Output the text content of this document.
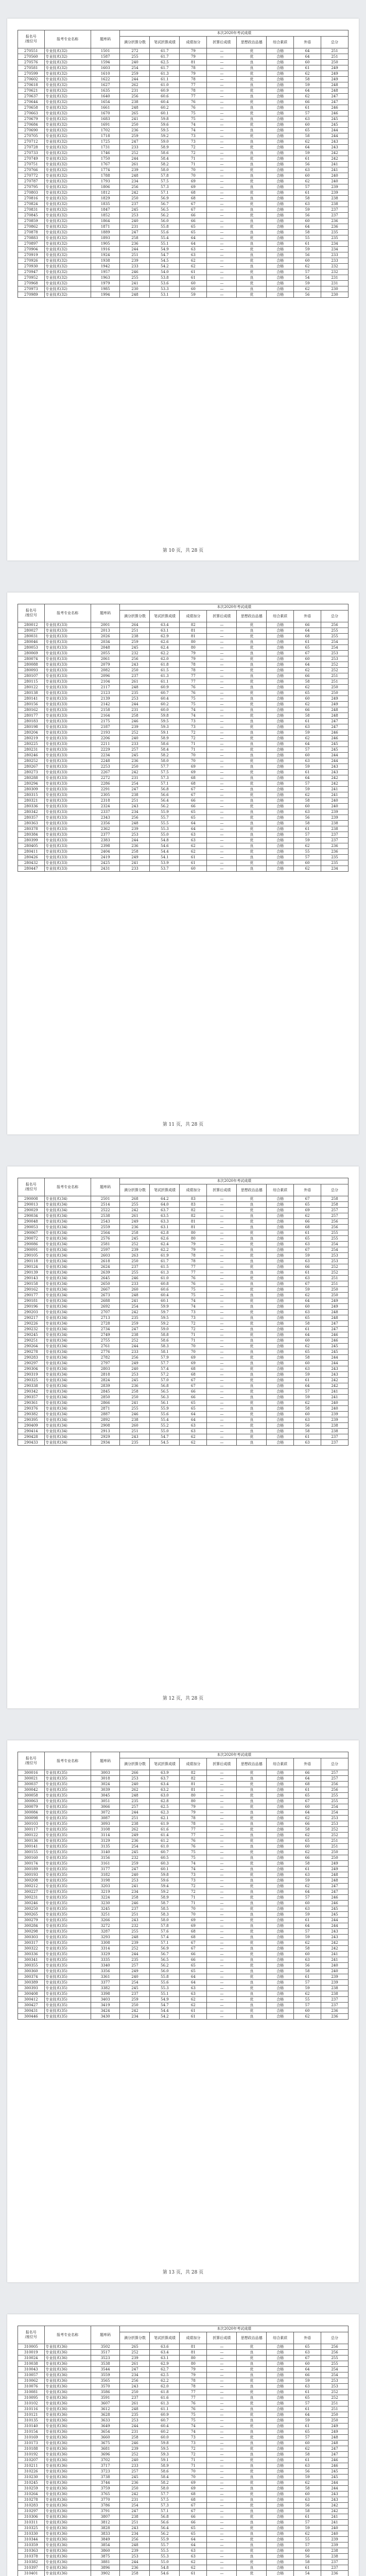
报名号
/座位号	报考专业名称	题库码	本次2020年考试成绩							
			满分折算分数	笔试折算成绩	成绩加分	折算后成绩	思想政治品德	综合素质	外语	总分
270551	专业技术(32)	1501	272	61.7	79	—	优	合格	64	251
270560	专业技术(32)	1587	255	61.7	79	—	优	合格	64	251
270576	专业技术(32)	1594	240	62.5	81	—	良	合格	60	250
270581	专业技术(32)	1603	254	61.7	78	—	良	合格	61	249
270599	专业技术(32)	1610	259	61.3	79	—	优	合格	62	249
270602	专业技术(32)	1622	244	61.1	78	—	优	合格	58	249
270618	专业技术(32)	1627	262	61.0	77	—	良	合格	59	248
270621	专业技术(32)	1635	231	60.9	78	—	优	合格	64	248
270637	专业技术(32)	1640	256	60.6	77	—	良	合格	62	247
270644	专业技术(32)	1654	238	60.4	76	—	优	合格	66	247
270658	专业技术(32)	1661	248	60.2	76	—	良	合格	61	246
270663	专业技术(32)	1670	265	60.1	75	—	优	合格	57	246
270679	专业技术(32)	1683	241	59.8	75	—	良	合格	63	245
270684	专业技术(32)	1691	250	59.6	74	—	优	合格	60	245
270690	专业技术(32)	1702	236	59.5	74	—	良	合格	65	244
270705	专业技术(32)	1718	259	59.2	73	—	优	合格	58	244
270712	专业技术(32)	1725	247	59.0	73	—	良	合格	62	243
270728	专业技术(32)	1731	233	58.9	72	—	优	合格	64	243
270733	专业技术(32)	1746	252	58.6	72	—	良	合格	59	242
270749	专业技术(32)	1750	244	58.4	71	—	优	合格	61	242
270751	专业技术(32)	1767	261	58.2	71	—	良	合格	56	241
270766	专业技术(32)	1774	239	58.0	70	—	优	合格	63	241
270772	专业技术(32)	1788	248	57.8	70	—	良	合格	60	240
270787	专业技术(32)	1793	234	57.5	69	—	优	合格	62	240
270795	专业技术(32)	1806	256	57.3	69	—	良	合格	57	239
270803	专业技术(32)	1812	242	57.1	68	—	优	合格	61	239
270816	专业技术(32)	1829	250	56.9	68	—	良	合格	58	238
270824	专业技术(32)	1835	237	56.7	67	—	优	合格	63	238
270831	专业技术(32)	1847	245	56.5	67	—	良	合格	59	237
270845	专业技术(32)	1852	253	56.2	66	—	优	合格	56	237
270859	专业技术(32)	1864	240	56.0	66	—	良	合格	60	236
270862	专业技术(32)	1871	231	55.8	65	—	优	合格	64	236
270878	专业技术(32)	1889	247	55.6	65	—	良	合格	58	235
270883	专业技术(32)	1893	258	55.4	64	—	优	合格	55	235
270897	专业技术(32)	1905	236	55.1	64	—	良	合格	61	234
270904	专业技术(32)	1916	244	54.9	63	—	优	合格	59	234
270919	专业技术(32)	1924	251	54.7	63	—	良	合格	56	233
270926	专业技术(32)	1938	239	54.5	62	—	优	合格	60	233
270930	专业技术(32)	1942	233	54.2	62	—	良	合格	62	232
270947	专业技术(32)	1957	246	54.0	61	—	优	合格	57	232
270952	专业技术(32)	1963	255	53.8	61	—	良	合格	54	231
270968	专业技术(32)	1979	241	53.6	60	—	优	合格	59	231
270973	专业技术(32)	1985	230	53.3	60	—	良	合格	62	230
270989	专业技术(32)	1994	248	53.1	59	—	优	合格	56	230
第 10 页，共 28 页
报名号
/座位号	报考专业名称	题库码	本次2020年考试成绩							
			满分折算分数	笔试折算成绩	成绩加分	折算后成绩	思想政治品德	综合素质	外语	总分
280012	专业技术(33)	2001	264	63.4	82	—	优	合格	66	256
280027	专业技术(33)	2013	251	63.1	81	—	良	合格	64	255
280031	专业技术(33)	2026	238	62.9	81	—	优	合格	68	255
280046	专业技术(33)	2034	259	62.6	80	—	良	合格	61	254
280053	专业技术(33)	2048	245	62.4	80	—	优	合格	65	254
280069	专业技术(33)	2055	232	62.2	79	—	良	合格	67	253
280074	专业技术(33)	2061	256	62.0	79	—	优	合格	60	253
280088	专业技术(33)	2079	243	61.8	78	—	良	合格	64	252
280093	专业技术(33)	2082	250	61.5	78	—	优	合格	62	252
280107	专业技术(33)	2096	237	61.3	77	—	良	合格	66	251
280115	专业技术(33)	2104	261	61.1	77	—	优	合格	58	251
280122	专业技术(33)	2117	248	60.9	76	—	良	合格	62	250
280138	专业技术(33)	2123	235	60.7	76	—	优	合格	65	250
280141	专业技术(33)	2139	253	60.4	75	—	良	合格	60	249
280156	专业技术(33)	2142	244	60.2	75	—	优	合格	62	249
280162	专业技术(33)	2158	231	60.0	74	—	良	合格	66	248
280177	专业技术(33)	2164	258	59.8	74	—	优	合格	58	248
280183	专业技术(33)	2175	246	59.5	73	—	良	合格	61	247
280198	专业技术(33)	2187	239	59.3	73	—	优	合格	63	247
280204	专业技术(33)	2193	252	59.1	72	—	良	合格	59	246
280219	专业技术(33)	2206	240	58.9	72	—	优	合格	62	246
280225	专业技术(33)	2211	233	58.6	71	—	良	合格	64	245
280231	专业技术(33)	2229	257	58.4	71	—	优	合格	57	245
280246	专业技术(33)	2234	245	58.2	70	—	良	合格	60	244
280252	专业技术(33)	2248	236	58.0	70	—	优	合格	63	244
280267	专业技术(33)	2253	250	57.7	69	—	良	合格	59	243
280273	专业技术(33)	2267	242	57.5	69	—	优	合格	61	243
280288	专业技术(33)	2272	231	57.3	68	—	良	合格	64	242
280294	专业技术(33)	2286	254	57.1	68	—	优	合格	57	242
280309	专业技术(33)	2291	247	56.8	67	—	良	合格	59	241
280315	专业技术(33)	2305	238	56.6	67	—	优	合格	62	241
280321	专业技术(33)	2318	251	56.4	66	—	良	合格	58	240
280336	专业技术(33)	2324	243	56.2	66	—	优	合格	60	240
280342	专业技术(33)	2337	234	55.9	65	—	良	合格	63	239
280357	专业技术(33)	2343	256	55.7	65	—	优	合格	56	239
280363	专业技术(33)	2356	248	55.5	64	—	良	合格	58	238
280378	专业技术(33)	2362	239	55.3	64	—	优	合格	61	238
280384	专业技术(33)	2377	253	55.0	63	—	良	合格	57	237
280399	专业技术(33)	2383	244	54.8	63	—	优	合格	59	237
280405	专业技术(33)	2398	236	54.6	62	—	良	合格	62	236
280411	专业技术(33)	2404	258	54.4	62	—	优	合格	55	236
280426	专业技术(33)	2419	249	54.1	61	—	良	合格	57	235
280432	专业技术(33)	2425	241	53.9	61	—	优	合格	60	235
280447	专业技术(33)	2431	233	53.7	60	—	良	合格	62	234
第 11 页，共 28 页
报名号
/座位号	报考专业名称	题库码	本次2020年考试成绩							
			满分折算分数	笔试折算成绩	成绩加分	折算后成绩	思想政治品德	综合素质	外语	总分
290008	专业技术(34)	2501	268	64.2	83	—	优	合格	67	258
290013	专业技术(34)	2514	255	64.0	83	—	良	合格	65	258
290029	专业技术(34)	2522	242	63.7	82	—	优	合格	69	257
290034	专业技术(34)	2538	261	63.5	82	—	良	合格	62	257
290048	专业技术(34)	2543	249	63.3	81	—	优	合格	66	256
290053	专业技术(34)	2559	236	63.1	81	—	良	合格	68	256
290067	专业技术(34)	2564	258	62.8	80	—	优	合格	61	255
290072	专业技术(34)	2576	245	62.6	80	—	良	合格	65	255
290086	专业技术(34)	2581	252	62.4	79	—	优	合格	63	254
290091	专业技术(34)	2597	239	62.2	79	—	良	合格	67	254
290105	专业技术(34)	2603	263	61.9	78	—	优	合格	59	253
290118	专业技术(34)	2618	250	61.7	78	—	良	合格	63	253
290124	专业技术(34)	2624	237	61.5	77	—	优	合格	66	252
290139	专业技术(34)	2639	255	61.3	77	—	良	合格	61	252
290143	专业技术(34)	2645	246	61.0	76	—	优	合格	63	251
290158	专业技术(34)	2650	233	60.8	76	—	良	合格	67	251
290162	专业技术(34)	2667	260	60.6	75	—	优	合格	59	250
290177	专业技术(34)	2673	248	60.4	75	—	良	合格	62	250
290181	专业技术(34)	2688	241	60.1	74	—	优	合格	64	249
290196	专业技术(34)	2692	254	59.9	74	—	良	合格	60	249
290203	专业技术(34)	2707	242	59.7	73	—	优	合格	63	248
290217	专业技术(34)	2713	235	59.5	73	—	良	合格	65	248
290226	专业技术(34)	2728	259	59.2	72	—	优	合格	58	247
290232	专业技术(34)	2734	247	59.0	72	—	良	合格	61	247
290245	专业技术(34)	2749	238	58.8	71	—	优	合格	64	246
290251	专业技术(34)	2755	252	58.6	71	—	良	合格	60	246
290264	专业技术(34)	2761	244	58.3	70	—	优	合格	62	245
290278	专业技术(34)	2776	233	58.1	70	—	良	合格	65	245
290283	专业技术(34)	2782	256	57.9	69	—	优	合格	58	244
290297	专业技术(34)	2797	249	57.7	69	—	良	合格	60	244
290304	专业技术(34)	2803	240	57.4	68	—	优	合格	63	243
290319	专业技术(34)	2818	253	57.2	68	—	良	合格	59	243
290325	专业技术(34)	2824	245	57.0	67	—	优	合格	61	242
290338	专业技术(34)	2839	236	56.8	67	—	良	合格	64	242
290342	专业技术(34)	2845	258	56.5	66	—	优	合格	57	241
290357	专业技术(34)	2850	250	56.3	66	—	良	合格	59	241
290361	专业技术(34)	2866	241	56.1	65	—	优	合格	62	240
290376	专业技术(34)	2871	255	55.9	65	—	良	合格	58	240
290382	专业技术(34)	2887	246	55.6	64	—	优	合格	60	239
290395	专业技术(34)	2892	238	55.4	64	—	良	合格	63	239
290409	专业技术(34)	2908	260	55.2	63	—	优	合格	56	238
290414	专业技术(34)	2913	251	55.0	63	—	良	合格	58	238
290428	专业技术(34)	2929	243	54.7	62	—	优	合格	61	237
290433	专业技术(34)	2934	235	54.5	62	—	良	合格	63	237
第 12 页，共 28 页
报名号
/座位号	报考专业名称	题库码	本次2020年考试成绩							
			满分折算分数	笔试折算成绩	成绩加分	折算后成绩	思想政治品德	综合素质	外语	总分
300016	专业技术(35)	3003	266	63.9	82	—	优	合格	66	257
300021	专业技术(35)	3018	253	63.7	82	—	良	合格	64	257
300037	专业技术(35)	3024	240	63.4	81	—	优	合格	68	256
300042	专业技术(35)	3039	262	63.2	81	—	良	合格	61	256
300058	专业技术(35)	3045	248	63.0	80	—	优	合格	65	255
300063	专业技术(35)	3051	235	62.8	80	—	良	合格	67	255
300079	专业技术(35)	3066	257	62.5	79	—	优	合格	60	254
300084	专业技术(35)	3072	244	62.3	79	—	良	合格	64	254
300098	专业技术(35)	3087	251	62.1	78	—	优	合格	62	253
300103	专业技术(35)	3093	238	61.9	78	—	良	合格	66	253
300117	专业技术(35)	3108	262	61.6	77	—	优	合格	58	252
300122	专业技术(35)	3114	249	61.4	77	—	良	合格	62	252
300136	专业技术(35)	3129	236	61.2	76	—	优	合格	65	251
300141	专业技术(35)	3135	254	61.0	76	—	良	合格	60	251
300155	专业技术(35)	3140	245	60.7	75	—	优	合格	62	250
300160	专业技术(35)	3156	232	60.5	75	—	良	合格	66	250
300174	专业技术(35)	3161	259	60.3	74	—	优	合格	58	249
300189	专业技术(35)	3177	247	60.1	74	—	良	合格	61	249
300193	专业技术(35)	3182	240	59.8	73	—	优	合格	63	248
300208	专业技术(35)	3198	253	59.6	73	—	良	合格	59	248
300212	专业技术(35)	3203	241	59.4	72	—	优	合格	62	247
300227	专业技术(35)	3219	234	59.2	72	—	良	合格	64	247
300231	专业技术(35)	3224	258	58.9	71	—	优	合格	57	246
300246	专业技术(35)	3230	246	58.7	71	—	良	合格	60	246
300250	专业技术(35)	3245	237	58.5	70	—	优	合格	63	245
300265	专业技术(35)	3251	251	58.3	70	—	良	合格	59	245
300279	专业技术(35)	3266	243	58.0	69	—	优	合格	61	244
300284	专业技术(35)	3272	232	57.8	69	—	良	合格	64	244
300298	专业技术(35)	3287	255	57.6	68	—	优	合格	57	243
300303	专业技术(35)	3293	248	57.4	68	—	良	合格	59	243
300317	专业技术(35)	3308	239	57.1	67	—	优	合格	62	242
300322	专业技术(35)	3314	252	56.9	67	—	良	合格	58	242
300336	专业技术(35)	3329	244	56.7	66	—	优	合格	60	241
300341	专业技术(35)	3335	235	56.5	66	—	良	合格	63	241
300355	专业技术(35)	3340	257	56.2	65	—	优	合格	56	240
300360	专业技术(35)	3356	249	56.0	65	—	良	合格	58	240
300374	专业技术(35)	3361	240	55.8	64	—	优	合格	61	239
300389	专业技术(35)	3377	254	55.6	64	—	良	合格	57	239
300393	专业技术(35)	3382	245	55.3	63	—	优	合格	59	238
300408	专业技术(35)	3398	237	55.1	63	—	良	合格	62	238
300412	专业技术(35)	3403	259	54.9	62	—	优	合格	55	237
300427	专业技术(35)	3419	250	54.7	62	—	良	合格	57	237
300431	专业技术(35)	3424	242	54.4	61	—	优	合格	60	236
300446	专业技术(35)	3430	234	54.2	61	—	良	合格	62	236
第 13 页，共 28 页
报名号
/座位号	报考专业名称	题库码	本次2020年考试成绩							
			满分折算分数	笔试折算成绩	成绩加分	折算后成绩	思想政治品德	综合素质	外语	总分
310005	专业技术(36)	3502	265	63.6	81	—	优	合格	65	256
310019	专业技术(36)	3517	252	63.4	81	—	良	合格	63	256
310024	专业技术(36)	3523	239	63.1	80	—	优	合格	67	255
310038	专业技术(36)	3538	261	62.9	80	—	良	合格	60	255
310043	专业技术(36)	3544	247	62.7	79	—	优	合格	64	254
310057	专业技术(36)	3559	234	62.5	79	—	良	合格	66	254
310062	专业技术(36)	3565	256	62.2	78	—	优	合格	59	253
310076	专业技术(36)	3570	243	62.0	78	—	良	合格	63	253
310081	专业技术(36)	3586	250	61.8	77	—	优	合格	61	252
310095	专业技术(36)	3591	237	61.6	77	—	良	合格	65	252
310102	专业技术(36)	3607	261	61.3	76	—	优	合格	57	251
310116	专业技术(36)	3612	248	61.1	76	—	良	合格	61	251
310121	专业技术(36)	3628	235	60.9	75	—	优	合格	64	250
310135	专业技术(36)	3633	253	60.7	75	—	良	合格	59	250
310140	专业技术(36)	3649	244	60.4	74	—	优	合格	61	249
310154	专业技术(36)	3654	231	60.2	74	—	良	合格	65	249
310169	专业技术(36)	3660	258	60.0	73	—	优	合格	57	248
310173	专业技术(36)	3675	246	59.8	73	—	良	合格	60	248
310188	专业技术(36)	3681	239	59.5	72	—	优	合格	62	247
310192	专业技术(36)	3696	252	59.3	72	—	良	合格	58	247
310207	专业技术(36)	3702	240	59.1	71	—	优	合格	61	246
310211	专业技术(36)	3717	233	58.9	71	—	良	合格	63	246
310226	专业技术(36)	3723	257	58.6	70	—	优	合格	56	245
310230	专业技术(36)	3738	245	58.4	70	—	良	合格	59	245
310245	专业技术(36)	3744	236	58.2	69	—	优	合格	62	244
310259	专业技术(36)	3759	250	58.0	69	—	良	合格	58	244
310264	专业技术(36)	3765	242	57.7	68	—	优	合格	60	243
310278	专业技术(36)	3770	231	57.5	68	—	良	合格	63	243
310283	专业技术(36)	3786	254	57.3	67	—	优	合格	56	242
310297	专业技术(36)	3791	247	57.1	67	—	良	合格	58	242
310306	专业技术(36)	3807	238	56.8	66	—	优	合格	61	241
310311	专业技术(36)	3812	251	56.6	66	—	良	合格	57	241
310325	专业技术(36)	3828	243	56.4	65	—	优	合格	59	240
310330	专业技术(36)	3833	234	56.2	65	—	良	合格	62	240
310344	专业技术(36)	3849	256	55.9	64	—	优	合格	55	239
310359	专业技术(36)	3854	248	55.7	64	—	良	合格	57	239
310363	专业技术(36)	3860	239	55.5	63	—	优	合格	60	238
310378	专业技术(36)	3875	253	55.3	63	—	良	合格	56	238
310382	专业技术(36)	3881	244	55.0	62	—	优	合格	58	237
310397	专业技术(36)	3896	236	54.8	62	—	良	合格	61	237
310401	专业技术(36)	3902	258	54.6	61	—	优	合格	54	236
